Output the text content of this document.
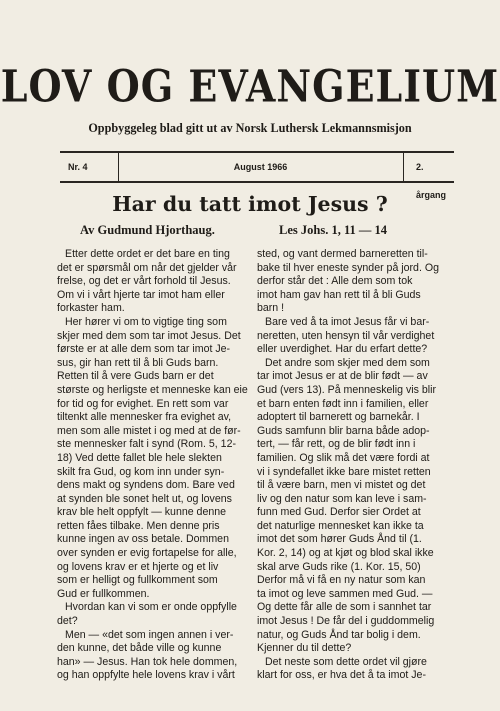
LOV OG EVANGELIUM
Oppbyggeleg blad gitt ut av Norsk Luthersk Lekmannsmisjon
Nr. 4	August 1966	2. årgang
Har du tatt imot Jesus ?
Av Gudmund Hjorthaug.	Les Johs. 1, 11 — 14
Etter dette ordet er det bare en ting
det er spørsmål om når det gjelder vår
frelse, og det er vårt forhold til Jesus.
Om vi i vårt hjerte tar imot ham eller
forkaster ham.
Her hører vi om to vigtige ting som
skjer med dem som tar imot Jesus. Det
første er at alle dem som tar imot Je-
sus, gir han rett til å bli Guds barn.
Retten til å vere Guds barn er det
største og herligste et menneske kan eie
for tid og for evighet. En rett som var
tiltenkt alle mennesker fra evighet av,
men som alle mistet i og med at de før-
ste mennesker falt i synd (Rom. 5, 12-
18) Ved dette fallet ble hele slekten
skilt fra Gud, og kom inn under syn-
dens makt og syndens dom. Bare ved
at synden ble sonet helt ut, og lovens
krav ble helt oppfylt — kunne denne
retten fåes tilbake. Men denne pris
kunne ingen av oss betale. Dommen
over synden er evig fortapelse for alle,
og lovens krav er et hjerte og et liv
som er helligt og fullkomment som
Gud er fullkommen.
Hvordan kan vi som er onde oppfylle
det?
Men — «det som ingen annen i ver-
den kunne, det både ville og kunne
han» — Jesus. Han tok hele dommen,
og han oppfylte hele lovens krav i vårt
sted, og vant dermed barneretten til-
bake til hver eneste synder på jord. Og
derfor står det : Alle dem som tok
imot ham gav han rett til å bli Guds
barn !
Bare ved å ta imot Jesus får vi bar-
neretten, uten hensyn til vår verdighet
eller uverdighet. Har du erfart dette?
Det andre som skjer med dem som
tar imot Jesus er at de blir født — av
Gud (vers 13). På menneskelig vis blir
et barn enten født inn i familien, eller
adoptert til barnerett og barnekår. I
Guds samfunn blir barna både adop-
tert, — får rett, og de blir født inn i
familien. Og slik må det være fordi at
vi i syndefallet ikke bare mistet retten
til å være barn, men vi mistet og det
liv og den natur som kan leve i sam-
funn med Gud. Derfor sier Ordet at
det naturlige mennesket kan ikke ta
imot det som hører Guds Ånd til (1.
Kor. 2, 14) og at kjøt og blod skal ikke
skal arve Guds rike (1. Kor. 15, 50)
Derfor må vi få en ny natur som kan
ta imot og leve sammen med Gud. —
Og dette får alle de som i sannhet tar
imot Jesus ! De får del i guddommelig
natur, og Guds Ånd tar bolig i dem.
Kjenner du til dette?
Det neste som dette ordet vil gjøre
klart for oss, er hva det å ta imot Je-
